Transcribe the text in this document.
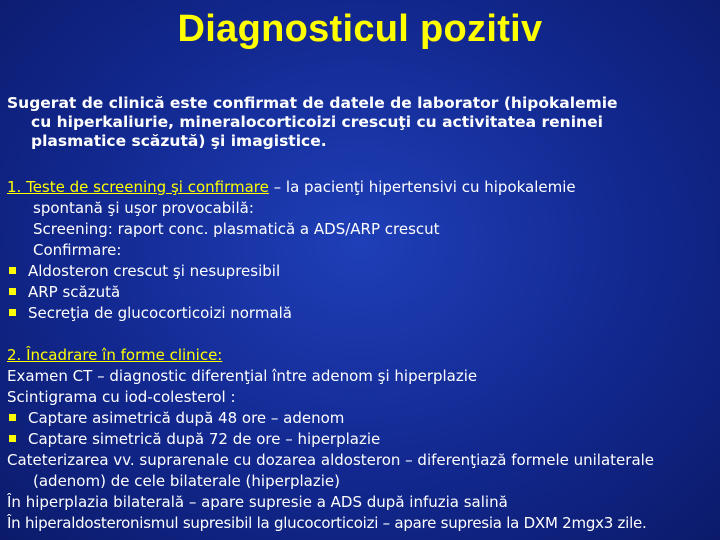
Diagnosticul pozitiv
Sugerat de clinică este confirmat de datele de laborator (hipokalemie
cu hiperkaliurie, mineralocorticoizi crescuţi cu activitatea reninei
plasmatice scăzută) şi imagistice.
1. Teste de screening şi confirmare – la pacienţi hipertensivi cu hipokalemie
spontană şi uşor provocabilă:
Screening: raport conc. plasmatică a ADS/ARP crescut
Confirmare:
Aldosteron crescut şi nesupresibil
ARP scăzută
Secreţia de glucocorticoizi normală
2. Încadrare în forme clinice:
Examen CT – diagnostic diferenţial între adenom şi hiperplazie
Scintigrama cu iod-colesterol :
Captare asimetrică după 48 ore – adenom
Captare simetrică după 72 de ore – hiperplazie
Cateterizarea vv. suprarenale cu dozarea aldosteron – diferenţiază formele unilaterale
(adenom) de cele bilaterale (hiperplazie)
În hiperplazia bilaterală – apare supresie a ADS după infuzia salină
În hiperaldosteronismul supresibil la glucocorticoizi – apare supresia la DXM 2mgx3 zile.
